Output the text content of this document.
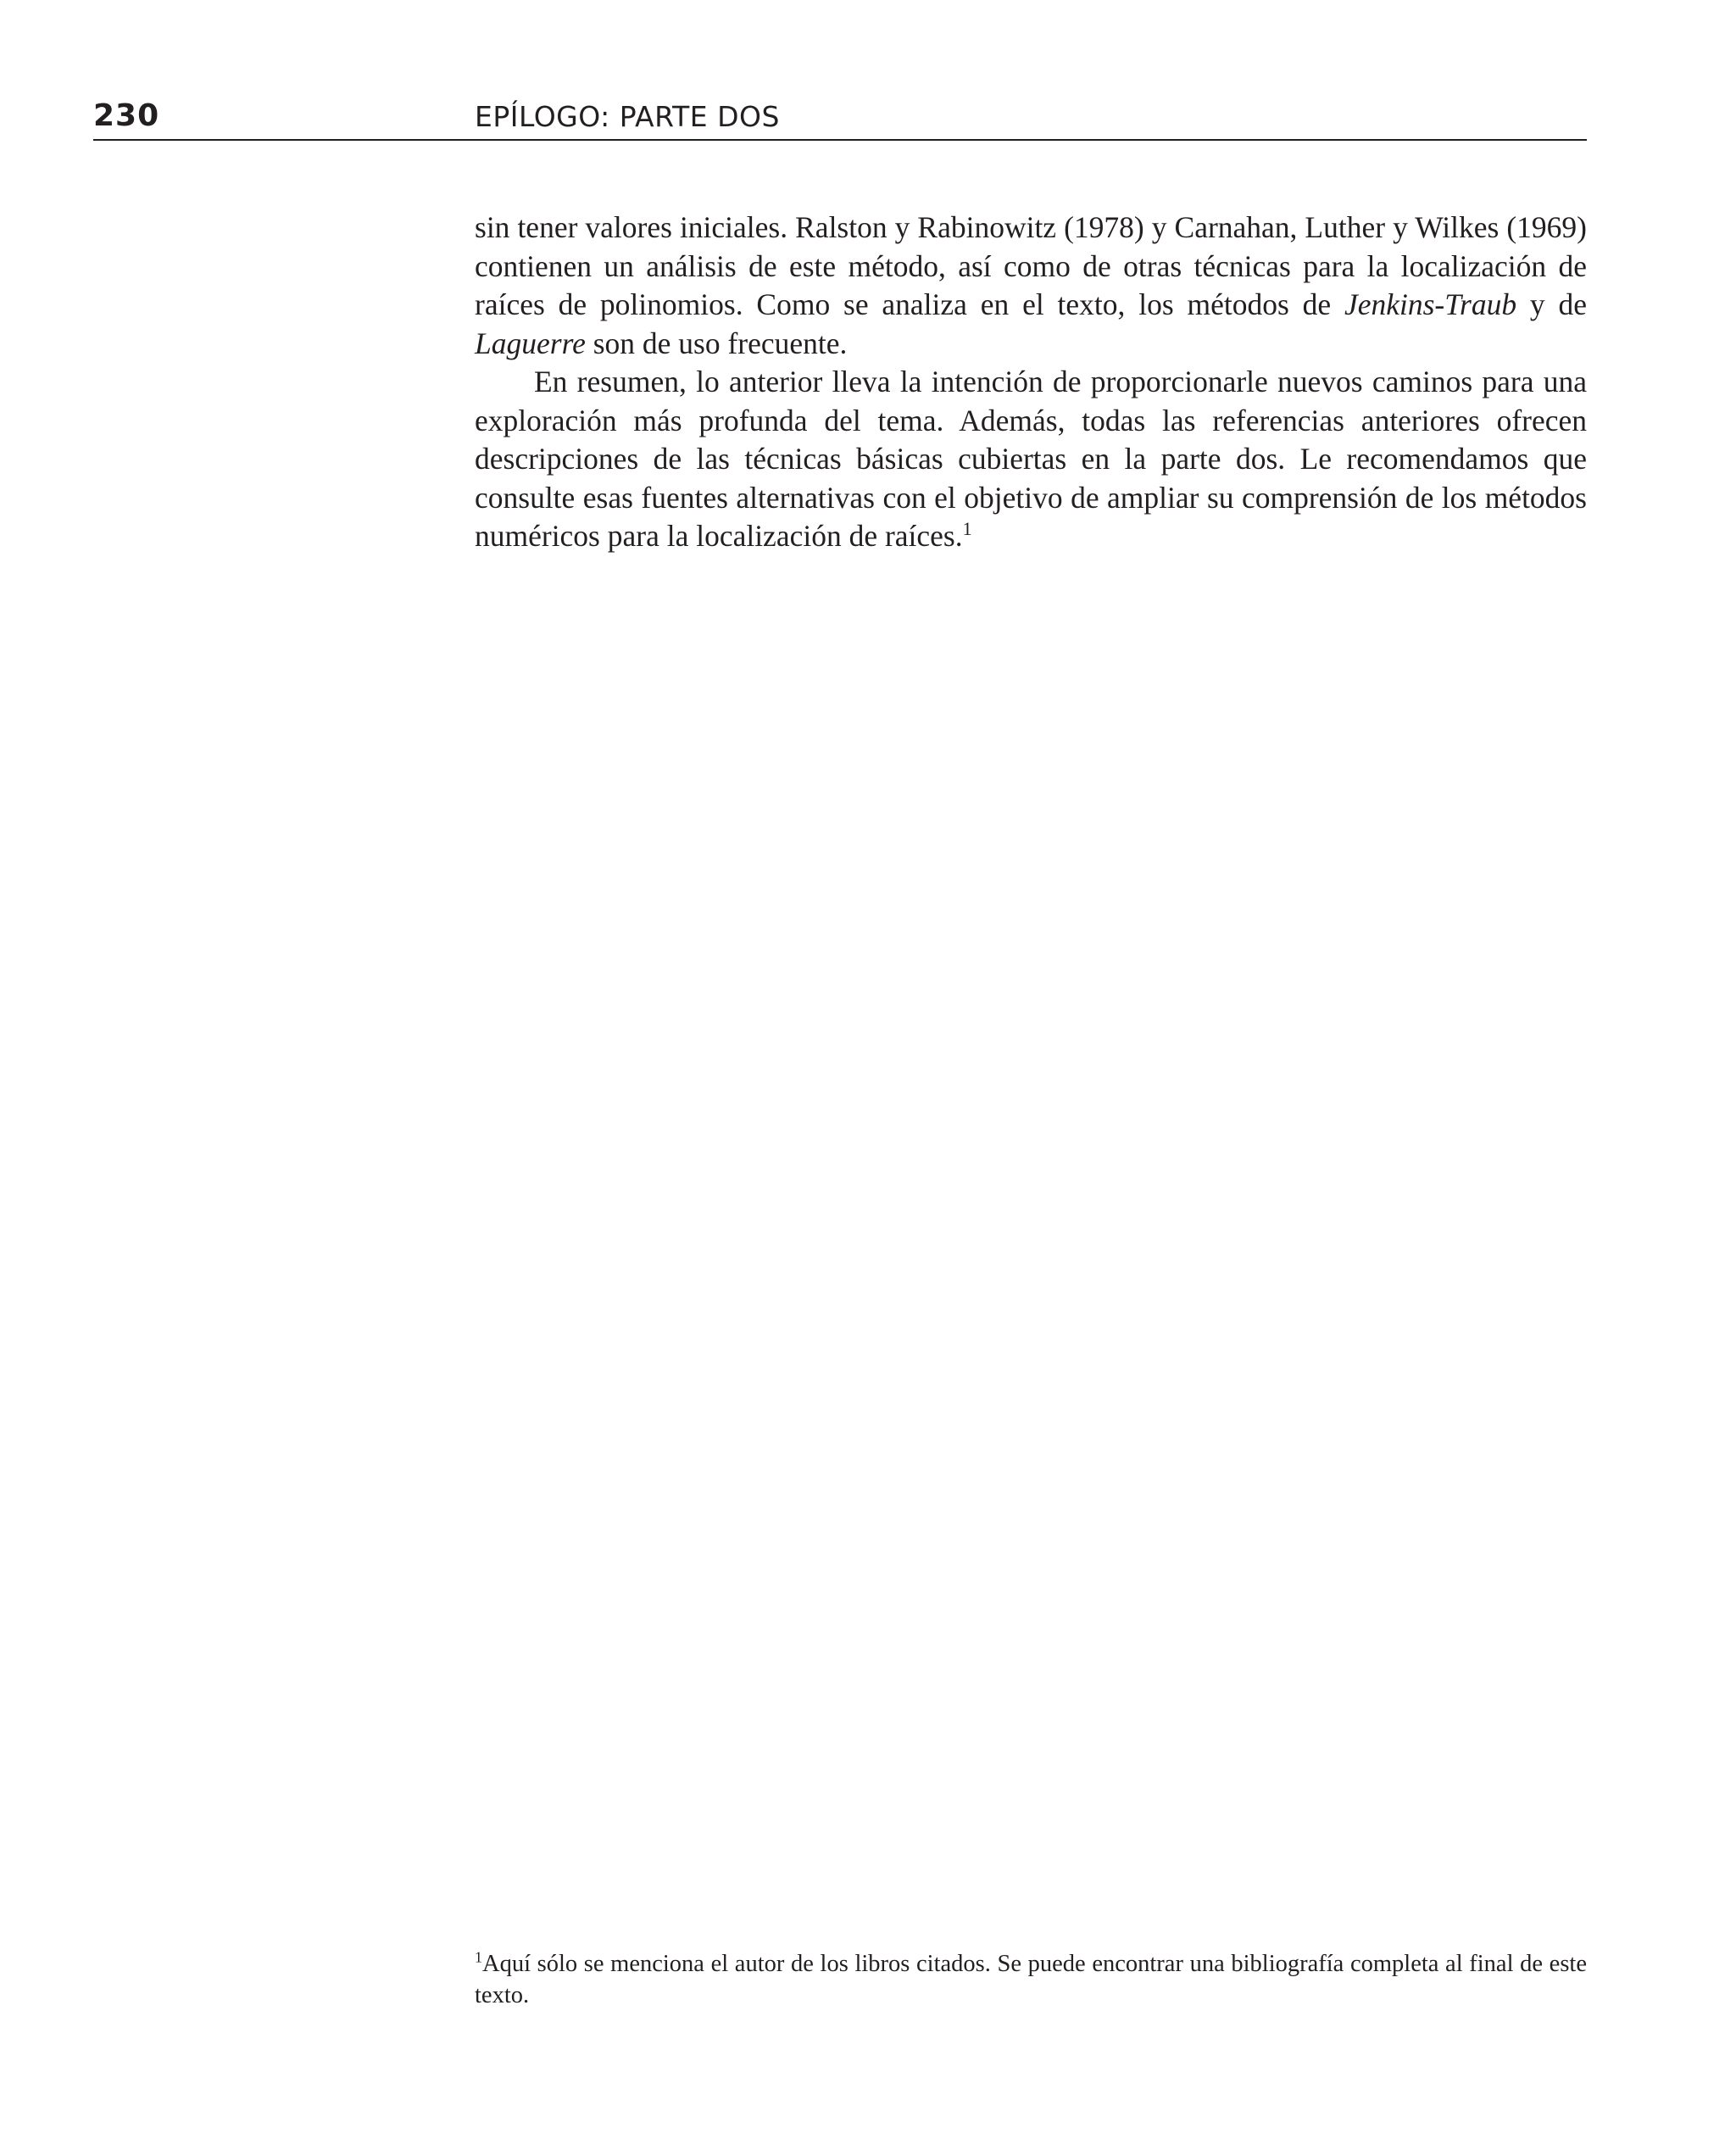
230	EPÍLOGO: PARTE DOS

sin tener valores iniciales. Ralston y Rabinowitz (1978) y Carnahan, Luther y Wilkes (1969) contienen un análisis de este método, así como de otras técnicas para la localización de raíces de polinomios. Como se analiza en el texto, los métodos de Jenkins-Traub y de Laguerre son de uso frecuente.

En resumen, lo anterior lleva la intención de proporcionarle nuevos caminos para una exploración más profunda del tema. Además, todas las referencias anteriores ofrecen descripciones de las técnicas básicas cubiertas en la parte dos. Le recomendamos que consulte esas fuentes alternativas con el objetivo de ampliar su comprensión de los métodos numéricos para la localización de raíces.$^1$

$^1$Aquí sólo se menciona el autor de los libros citados. Se puede encontrar una bibliografía completa al final de este texto.
